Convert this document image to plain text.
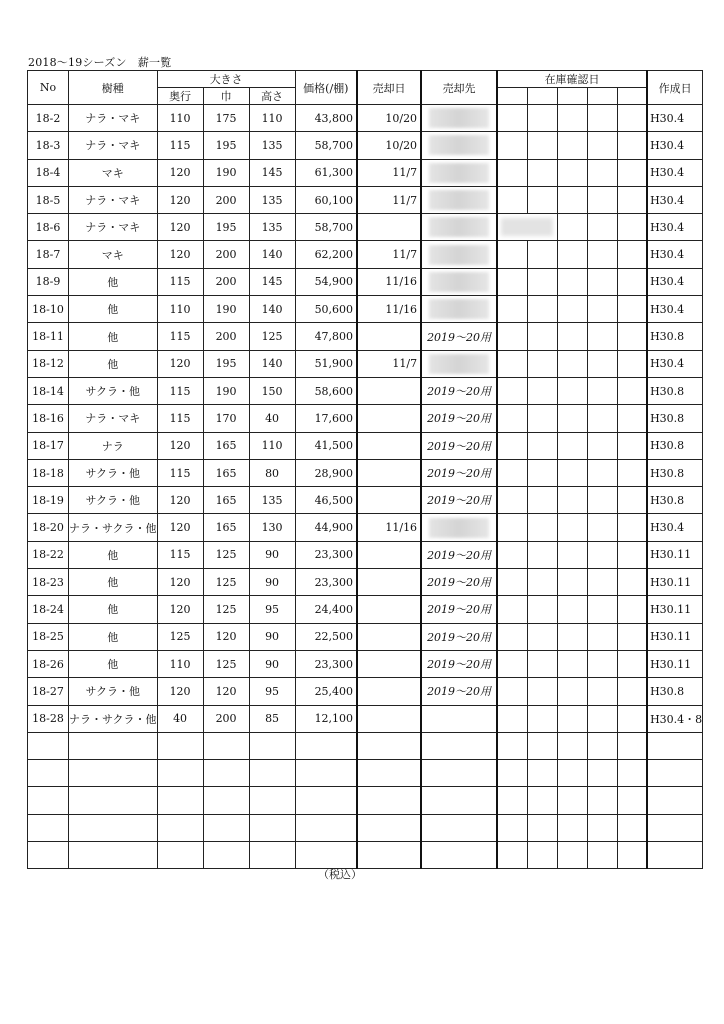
2018～19シーズン　薪一覧
No	樹種	大きさ			価格(/棚)	売却日	売却先	在庫確認日					作成日
		奥行	巾	高さ									
18-2	ナラ・マキ	110	175	110	43,800	10/20							H30.4
18-3	ナラ・マキ	115	195	135	58,700	10/20							H30.4
18-4	マキ	120	190	145	61,300	11/7							H30.4
18-5	ナラ・マキ	120	200	135	60,100	11/7							H30.4
18-6	ナラ・マキ	120	195	135	58,700								H30.4
18-7	マキ	120	200	140	62,200	11/7							H30.4
18-9	他	115	200	145	54,900	11/16							H30.4
18-10	他	110	190	140	50,600	11/16							H30.4
18-11	他	115	200	125	47,800		2019～20用						H30.8
18-12	他	120	195	140	51,900	11/7							H30.4
18-14	サクラ・他	115	190	150	58,600		2019～20用						H30.8
18-16	ナラ・マキ	115	170	40	17,600		2019～20用						H30.8
18-17	ナラ	120	165	110	41,500		2019～20用						H30.8
18-18	サクラ・他	115	165	80	28,900		2019～20用						H30.8
18-19	サクラ・他	120	165	135	46,500		2019～20用						H30.8
18-20	ナラ・サクラ・他	120	165	130	44,900	11/16							H30.4
18-22	他	115	125	90	23,300		2019～20用						H30.11
18-23	他	120	125	90	23,300		2019～20用						H30.11
18-24	他	120	125	95	24,400		2019～20用						H30.11
18-25	他	125	120	90	22,500		2019～20用						H30.11
18-26	他	110	125	90	23,300		2019～20用						H30.11
18-27	サクラ・他	120	120	95	25,400		2019～20用						H30.8
18-28	ナラ・サクラ・他	40	200	85	12,100								H30.4・8

（税込）
